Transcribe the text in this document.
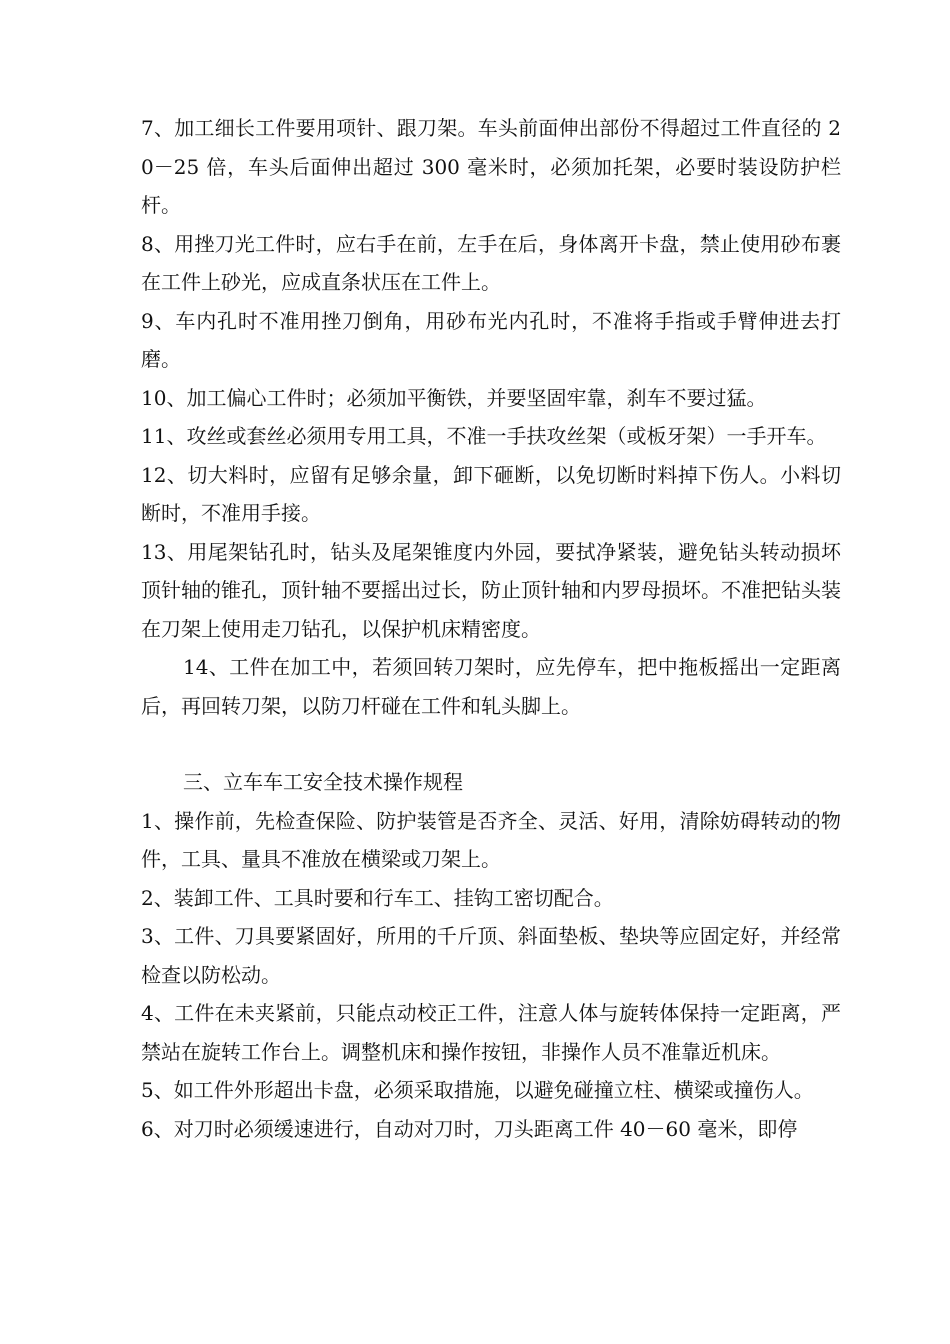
7、加工细长工件要用项针、跟刀架。车头前面伸出部份不得超过工件直径的 20－25 倍，车头后面伸出超过 300 毫米时，必须加托架，必要时装设防护栏杆。

8、用挫刀光工件时，应右手在前，左手在后，身体离开卡盘，禁止使用砂布裹在工件上砂光，应成直条状压在工件上。

9、车内孔时不准用挫刀倒角，用砂布光内孔时，不准将手指或手臂伸进去打磨。

10、加工偏心工件时；必须加平衡铁，并要坚固牢靠，刹车不要过猛。

11、攻丝或套丝必须用专用工具，不准一手扶攻丝架（或板牙架）一手开车。

12、切大料时，应留有足够余量，卸下砸断，以免切断时料掉下伤人。小料切断时，不准用手接。

13、用尾架钻孔时，钻头及尾架锥度内外园，要拭净紧装，避免钻头转动损坏顶针轴的锥孔，顶针轴不要摇出过长，防止顶针轴和内罗母损坏。不准把钻头装在刀架上使用走刀钻孔，以保护机床精密度。

14、工件在加工中，若须回转刀架时，应先停车，把中拖板摇出一定距离后，再回转刀架，以防刀杆碰在工件和轧头脚上。

三、立车车工安全技术操作规程

1、操作前，先检查保险、防护装管是否齐全、灵活、好用，清除妨碍转动的物件，工具、量具不准放在横梁或刀架上。

2、装卸工件、工具时要和行车工、挂钩工密切配合。

3、工件、刀具要紧固好，所用的千斤顶、斜面垫板、垫块等应固定好，并经常检查以防松动。

4、工件在未夹紧前，只能点动校正工件，注意人体与旋转体保持一定距离，严禁站在旋转工作台上。调整机床和操作按钮，非操作人员不准靠近机床。

5、如工件外形超出卡盘，必须采取措施，以避免碰撞立柱、横梁或撞伤人。

6、对刀时必须缓速进行，自动对刀时，刀头距离工件 40－60 毫米，即停
